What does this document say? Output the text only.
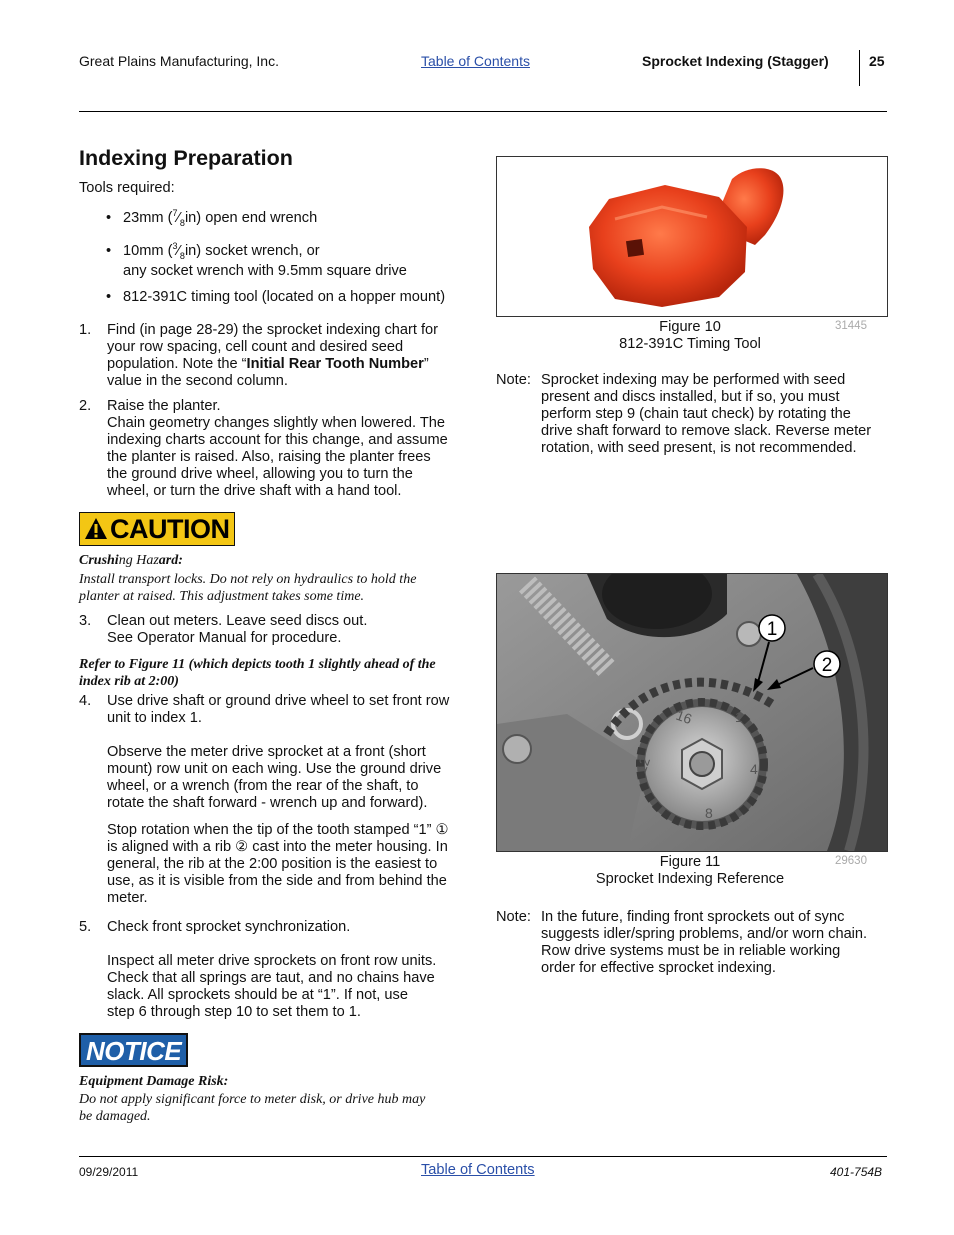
Great Plains Manufacturing, Inc.	Table of Contents	Sprocket Indexing (Stagger)	25
Indexing Preparation
Tools required:
• 23mm $(^7⁄_8in)$ open end wrench
• 10mm $(^3⁄_8in)$ socket wrench, or
any socket wrench with 9.5mm square drive
• 812-391C timing tool (located on a hopper mount)
1. Find (in page 28-29) the sprocket indexing chart for
your row spacing, cell count and desired seed
population. Note the “Initial Rear Tooth Number”
value in the second column.
2. Raise the planter.
Chain geometry changes slightly when lowered. The
indexing charts account for this change, and assume
the planter is raised. Also, raising the planter frees
the ground drive wheel, allowing you to turn the
wheel, or turn the drive shaft with a hand tool.
CAUTION
Crushing Hazard:
Install transport locks. Do not rely on hydraulics to hold the
planter at raised. This adjustment takes some time.
3. Clean out meters. Leave seed discs out.
See Operator Manual for procedure.
Refer to Figure 11 (which depicts tooth 1 slightly ahead of the
index rib at 2:00)
4. Use drive shaft or ground drive wheel to set front row
unit to index 1.
Observe the meter drive sprocket at a front (short
mount) row unit on each wing. Use the ground drive
wheel, or a wrench (from the rear of the shaft, to
rotate the shaft forward - wrench up and forward).
Stop rotation when the tip of the tooth stamped “1” ①
is aligned with a rib ② cast into the meter housing. In
general, the rib at the 2:00 position is the easiest to
use, as it is visible from the side and from behind the
meter.
5. Check front sprocket synchronization.
Inspect all meter drive sprockets on front row units.
Check that all springs are taut, and no chains have
slack. All sprockets should be at “1”. If not, use
step 6 through step 10 to set them to 1.
NOTICE
Equipment Damage Risk:
Do not apply significant force to meter disk, or drive hub may
be damaged.
Figure 10
812-391C Timing Tool
31445
Note: Sprocket indexing may be performed with seed
present and discs installed, but if so, you must
perform step 9 (chain taut check) by rotating the
drive shaft forward to remove slack. Reverse meter
rotation, with seed present, is not recommended.
16	1
4
8
12
1
2
Figure 11
Sprocket Indexing Reference
29630
Note: In the future, finding front sprockets out of sync
suggests idler/spring problems, and/or worn chain.
Row drive systems must be in reliable working
order for effective sprocket indexing.
09/29/2011	Table of Contents	401-754B
